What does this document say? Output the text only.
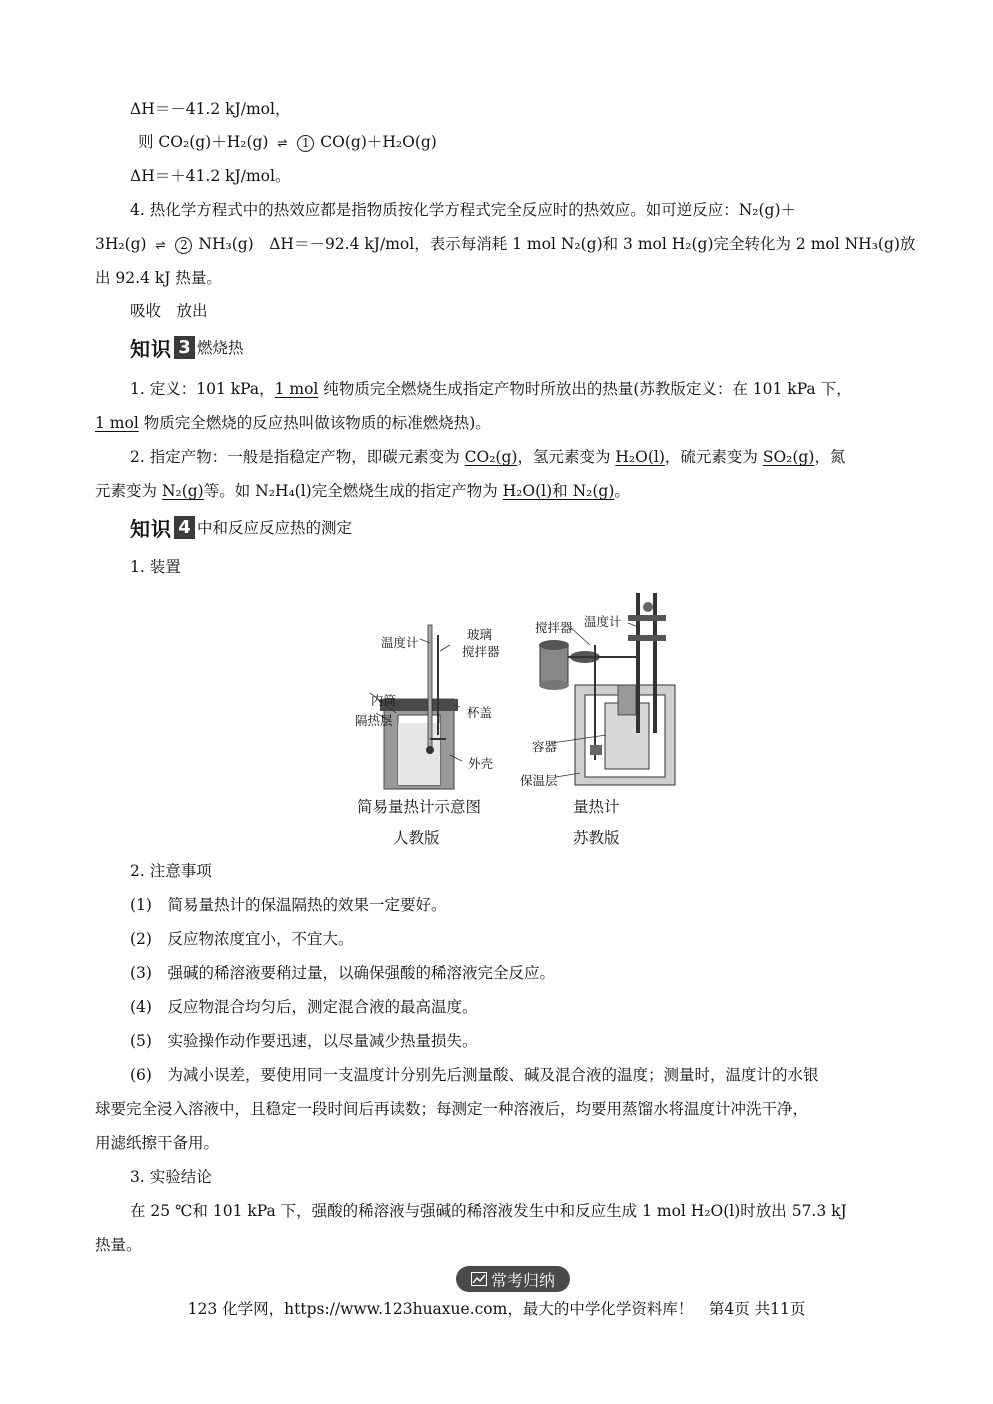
ΔH＝－41.2 kJ/mol，
则 CO₂(g)＋H₂(g) ⇌ 1 CO(g)＋H₂O(g)
ΔH＝＋41.2 kJ/mol。
4. 热化学方程式中的热效应都是指物质按化学方程式完全反应时的热效应。如可逆反应：N₂(g)＋
3H₂(g) ⇌ 2 NH₃(g)　ΔH＝－92.4 kJ/mol，表示每消耗 1 mol N₂(g)和 3 mol H₂(g)完全转化为 2 mol NH₃(g)放
出 92.4 kJ 热量。
吸收　放出
知识 3 燃烧热
1. 定义：101 kPa，1 mol 纯物质完全燃烧生成指定产物时所放出的热量(苏教版定义：在 101 kPa 下，
1 mol 物质完全燃烧的反应热叫做该物质的标准燃烧热)。
2. 指定产物：一般是指稳定产物，即碳元素变为 CO₂(g)，氢元素变为 H₂O(l)，硫元素变为 SO₂(g)，氮
元素变为 N₂(g)等。如 N₂H₄(l)完全燃烧生成的指定产物为 H₂O(l)和 N₂(g)。
知识 4 中和反应反应热的测定
1. 装置
温度计
玻璃
搅拌器
内筒
隔热层
杯盖
外壳
搅拌器 温度计
容器
保温层
简易量热计示意图
人教版
量热计
苏教版
2. 注意事项
(1)　简易量热计的保温隔热的效果一定要好。
(2)　反应物浓度宜小，不宜大。
(3)　强碱的稀溶液要稍过量，以确保强酸的稀溶液完全反应。
(4)　反应物混合均匀后，测定混合液的最高温度。
(5)　实验操作动作要迅速，以尽量减少热量损失。
(6)　为减小误差，要使用同一支温度计分别先后测量酸、碱及混合液的温度；测量时，温度计的水银
球要完全浸入溶液中，且稳定一段时间后再读数；每测定一种溶液后，均要用蒸馏水将温度计冲洗干净，
用滤纸擦干备用。
3. 实验结论
在 25 ℃和 101 kPa 下，强酸的稀溶液与强碱的稀溶液发生中和反应生成 1 mol H₂O(l)时放出 57.3 kJ
热量。
常考归纳
123 化学网，https://www.123huaxue.com，最大的中学化学资料库！　第4页 共11页
